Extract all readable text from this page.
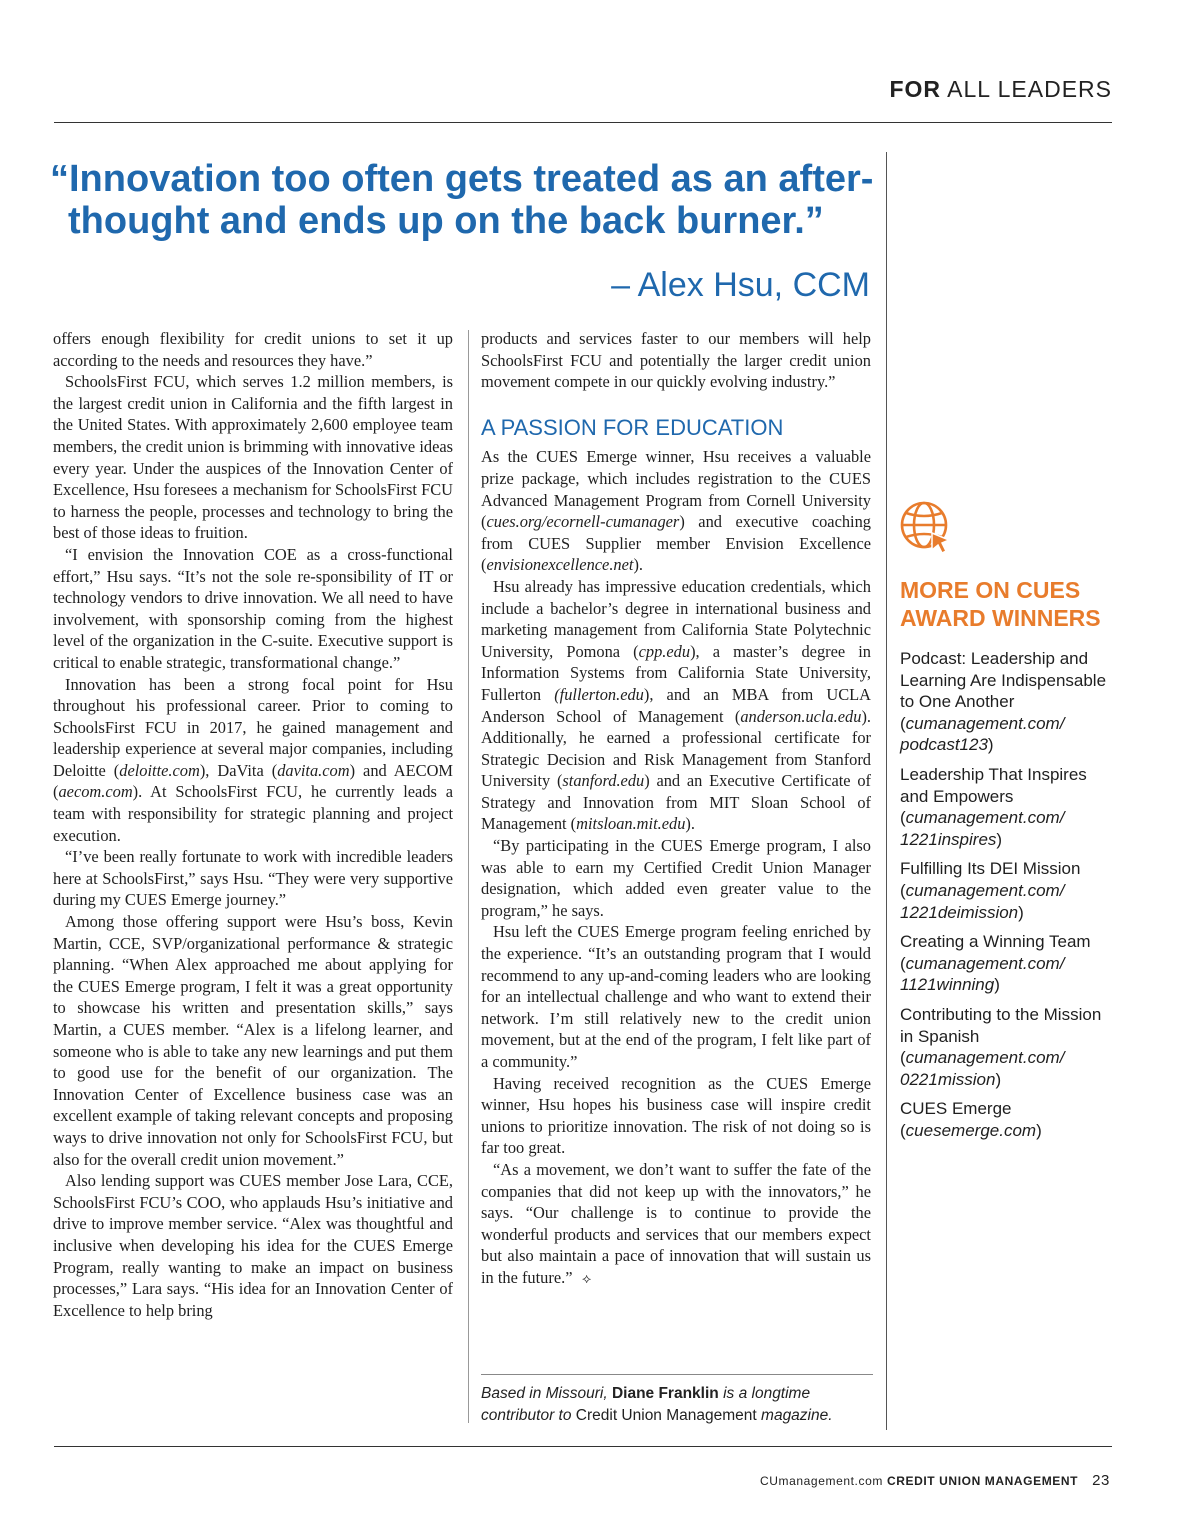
FOR ALL LEADERS
“Innovation too often gets treated as an after-
thought and ends up on the back burner.”
– Alex Hsu, CCM

offers enough flexibility for credit unions to set it up according to the needs and resources they have.”

SchoolsFirst FCU, which serves 1.2 million members, is the largest credit union in California and the fifth largest in the United States. With approximately 2,600 employee team members, the credit union is brimming with innovative ideas every year. Under the auspices of the Innovation Center of Excellence, Hsu foresees a mechanism for SchoolsFirst FCU to harness the people, processes and technology to bring the best of those ideas to fruition.

“I envision the Innovation COE as a cross-functional effort,” Hsu says. “It’s not the sole re-sponsibility of IT or technology vendors to drive innovation. We all need to have involvement, with sponsorship coming from the highest level of the organization in the C-suite. Executive support is critical to enable strategic, transformational change.”

Innovation has been a strong focal point for Hsu throughout his professional career. Prior to coming to SchoolsFirst FCU in 2017, he gained management and leadership experience at several major companies, including Deloitte (deloitte.com), DaVita (davita.com) and AECOM (aecom.com). At SchoolsFirst FCU, he currently leads a team with responsibility for strategic planning and project execution.

“I’ve been really fortunate to work with incredible leaders here at SchoolsFirst,” says Hsu. “They were very supportive during my CUES Emerge journey.”

Among those offering support were Hsu’s boss, Kevin Martin, CCE, SVP/organizational performance & strategic planning. “When Alex approached me about applying for the CUES Emerge program, I felt it was a great opportunity to showcase his written and presentation skills,” says Martin, a CUES member. “Alex is a lifelong learner, and someone who is able to take any new learnings and put them to good use for the benefit of our organization. The Innovation Center of Excellence business case was an excellent example of taking relevant concepts and proposing ways to drive innovation not only for SchoolsFirst FCU, but also for the overall credit union movement.”

Also lending support was CUES member Jose Lara, CCE, SchoolsFirst FCU’s COO, who applauds Hsu’s initiative and drive to improve member service. “Alex was thoughtful and inclusive when developing his idea for the CUES Emerge Program, really wanting to make an impact on business processes,” Lara says. “His idea for an Innovation Center of Excellence to help bring

products and services faster to our members will help SchoolsFirst FCU and potentially the larger credit union movement compete in our quickly evolving industry.”

A PASSION FOR EDUCATION

As the CUES Emerge winner, Hsu receives a valuable prize package, which includes registration to the CUES Advanced Management Program from Cornell University (cues.org/ecornell-cumanager) and executive coaching from CUES Supplier member Envision Excellence (envisionexcellence.net).

Hsu already has impressive education credentials, which include a bachelor’s degree in international business and marketing management from California State Polytechnic University, Pomona (cpp.edu), a master’s degree in Information Systems from California State University, Fullerton (fullerton.edu), and an MBA from UCLA Anderson School of Management (anderson.ucla.edu). Additionally, he earned a professional certificate for Strategic Decision and Risk Management from Stanford University (stanford.edu) and an Executive Certificate of Strategy and Innovation from MIT Sloan School of Management (mitsloan.mit.edu).

“By participating in the CUES Emerge program, I also was able to earn my Certified Credit Union Manager designation, which added even greater value to the program,” he says.

Hsu left the CUES Emerge program feeling enriched by the experience. “It’s an outstanding program that I would recommend to any up-and-coming leaders who are looking for an intellectual challenge and who want to extend their network. I’m still relatively new to the credit union movement, but at the end of the program, I felt like part of a community.”

Having received recognition as the CUES Emerge winner, Hsu hopes his business case will inspire credit unions to prioritize innovation. The risk of not doing so is far too great.

“As a movement, we don’t want to suffer the fate of the companies that did not keep up with the innovators,” he says. “Our challenge is to continue to provide the wonderful products and services that our members expect but also maintain a pace of innovation that will sustain us in the future.” ⟡

Based in Missouri, Diane Franklin is a longtime contributor to Credit Union Management magazine.
MORE ON CUES AWARD WINNERS
Podcast: Leadership and Learning Are Indispensable to One Another
(cumanagement.com/ podcast123)
Leadership That Inspires and Empowers
(cumanagement.com/ 1221inspires)
Fulfilling Its DEI Mission
(cumanagement.com/ 1221deimission)
Creating a Winning Team
(cumanagement.com/ 1121winning)
Contributing to the Mission in Spanish
(cumanagement.com/ 0221mission)
CUES Emerge
(cuesemerge.com)
CUmanagement.com CREDIT UNION MANAGEMENT 23
